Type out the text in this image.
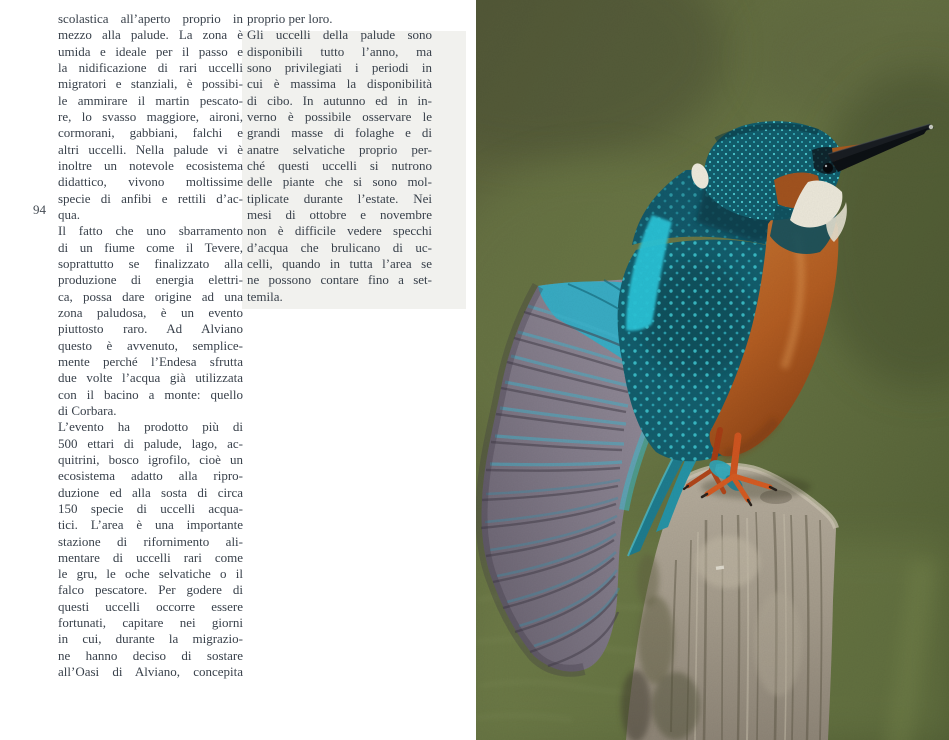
94
scolastica all’aperto proprio in
mezzo alla palude. La zona è
umida e ideale per il passo e
la nidificazione di rari uccelli
migratori e stanziali, è possibi-
le ammirare il martin pescato-
re, lo svasso maggiore, aironi,
cormorani, gabbiani, falchi e
altri uccelli. Nella palude vi è
inoltre un notevole ecosistema
didattico, vivono moltissime
specie di anfibi e rettili d’ac-
qua.
Il fatto che uno sbarramento
di un fiume come il Tevere,
soprattutto se finalizzato alla
produzione di energia elettri-
ca, possa dare origine ad una
zona paludosa, è un evento
piuttosto raro. Ad Alviano
questo è avvenuto, semplice-
mente perché l’Endesa sfrutta
due volte l’acqua già utilizzata
con il bacino a monte: quello
di Corbara.
L’evento ha prodotto più di
500 ettari di palude, lago, ac-
quitrini, bosco igrofilo, cioè un
ecosistema adatto alla ripro-
duzione ed alla sosta di circa
150 specie di uccelli acqua-
tici. L’area è una importante
stazione di rifornimento ali-
mentare di uccelli rari come
le gru, le oche selvatiche o il
falco pescatore. Per godere di
questi uccelli occorre essere
fortunati, capitare nei giorni
in cui, durante la migrazio-
ne hanno deciso di sostare
all’Oasi di Alviano, concepita
proprio per loro.
Gli uccelli della palude sono
disponibili tutto l’anno, ma
sono privilegiati i periodi in
cui è massima la disponibilità
di cibo. In autunno ed in in-
verno è possibile osservare le
grandi masse di folaghe e di
anatre selvatiche proprio per-
ché questi uccelli si nutrono
delle piante che si sono mol-
tiplicate durante l’estate. Nei
mesi di ottobre e novembre
non è difficile vedere specchi
d’acqua che brulicano di uc-
celli, quando in tutta l’area se
ne possono contare fino a set-
temila.
